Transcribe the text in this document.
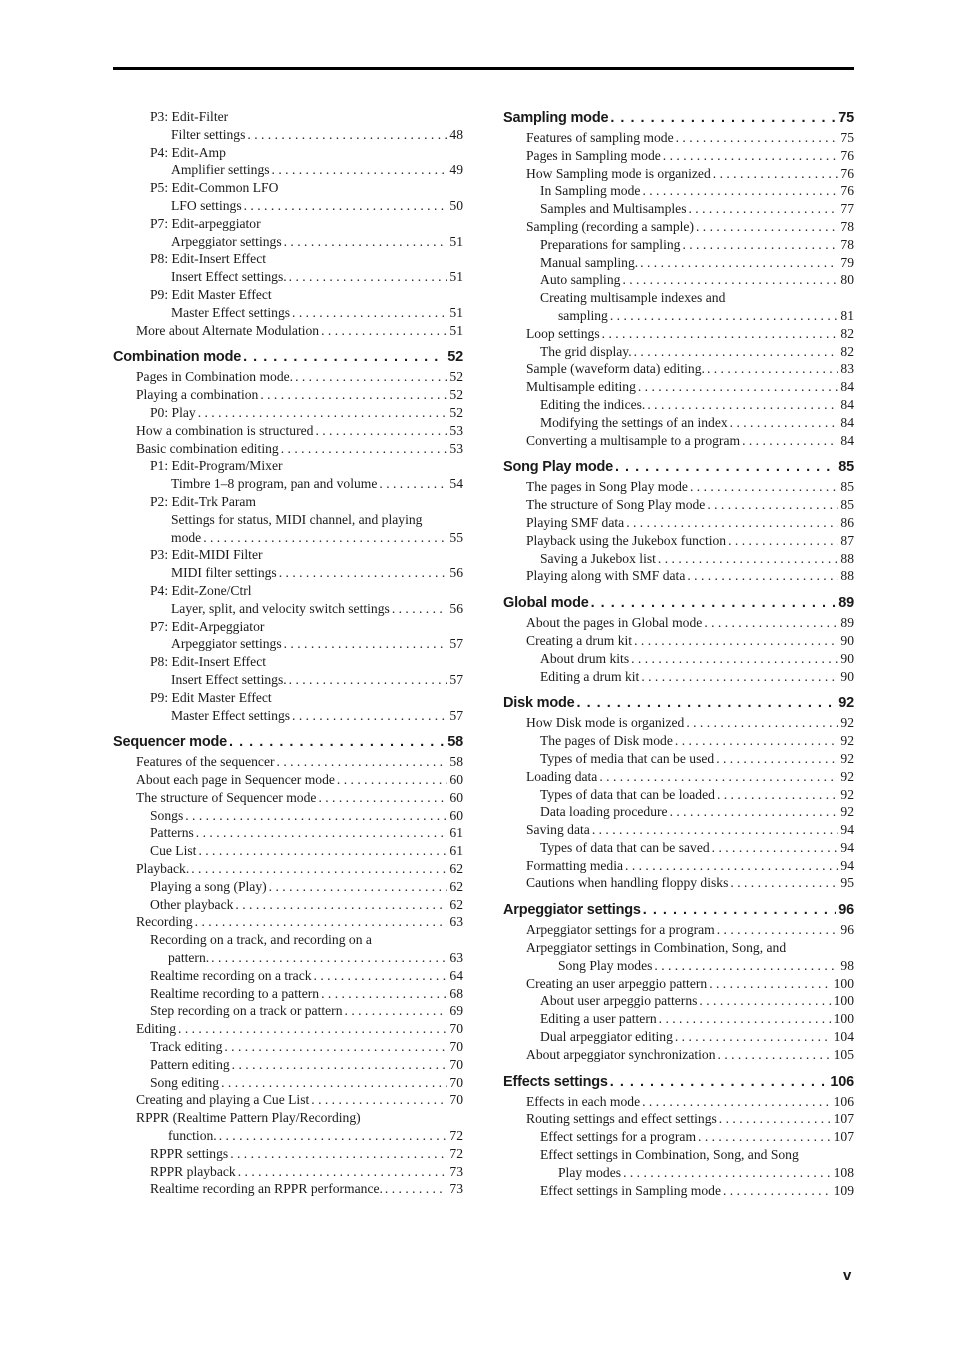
P3: Edit-Filter
Filter settings . . .	48
P4: Edit-Amp
Amplifier settings . . .	49
P5: Edit-Common LFO
LFO settings . . .	50
P7: Edit-arpeggiator
Arpeggiator settings . . .	51
P8: Edit-Insert Effect
Insert Effect settings. . . .	51
P9: Edit Master Effect
Master Effect settings . . .	51
More about Alternate Modulation . . .	51
Combination mode . . .	52
Pages in Combination mode. . . .	52
Playing a combination . . .	52
P0: Play . . .	52
How a combination is structured . . .	53
Basic combination editing . . .	53
P1: Edit-Program/Mixer
Timbre 1–8 program, pan and volume . . .	54
P2: Edit-Trk Param
Settings for status, MIDI channel, and playing
mode . . .	55
P3: Edit-MIDI Filter
MIDI filter settings . . .	56
P4: Edit-Zone/Ctrl
Layer, split, and velocity switch settings . . .	56
P7: Edit-Arpeggiator
Arpeggiator settings . . .	57
P8: Edit-Insert Effect
Insert Effect settings. . . .	57
P9: Edit Master Effect
Master Effect settings . . .	57
Sequencer mode . . .	58
Features of the sequencer . . .	58
About each page in Sequencer mode . . .	60
The structure of Sequencer mode . . .	60
Songs . . .	60
Patterns . . .	61
Cue List . . .	61
Playback. . . .	62
Playing a song (Play) . . .	62
Other playback . . .	62
Recording . . .	63
Recording on a track, and recording on a
pattern. . . .	63
Realtime recording on a track . . .	64
Realtime recording to a pattern . . .	68
Step recording on a track or pattern . . .	69
Editing . . .	70
Track editing . . .	70
Pattern editing . . .	70
Song editing . . .	70
Creating and playing a Cue List . . .	70
RPPR (Realtime Pattern Play/Recording)
function. . . .	72
RPPR settings . . .	72
RPPR playback . . .	73
Realtime recording an RPPR performance. . . .	73
Sampling mode . . .	75
Features of sampling mode . . .	75
Pages in Sampling mode . . .	76
How Sampling mode is organized . . .	76
In Sampling mode . . .	76
Samples and Multisamples . . .	77
Sampling (recording a sample) . . .	78
Preparations for sampling . . .	78
Manual sampling. . . .	79
Auto sampling . . .	80
Creating multisample indexes and
sampling . . .	81
Loop settings . . .	82
The grid display. . . .	82
Sample (waveform data) editing. . . .	83
Multisample editing . . .	84
Editing the indices. . . .	84
Modifying the settings of an index . . .	84
Converting a multisample to a program . . .	84
Song Play mode . . .	85
The pages in Song Play mode . . .	85
The structure of Song Play mode . . .	85
Playing SMF data . . .	86
Playback using the Jukebox function . . .	87
Saving a Jukebox list . . .	88
Playing along with SMF data . . .	88
Global mode . . .	89
About the pages in Global mode . . .	89
Creating a drum kit . . .	90
About drum kits . . .	90
Editing a drum kit . . .	90
Disk mode . . .	92
How Disk mode is organized . . .	92
The pages of Disk mode . . .	92
Types of media that can be used . . .	92
Loading data . . .	92
Types of data that can be loaded . . .	92
Data loading procedure . . .	92
Saving data . . .	94
Types of data that can be saved . . .	94
Formatting media . . .	94
Cautions when handling floppy disks . . .	95
Arpeggiator settings . . .	96
Arpeggiator settings for a program . . .	96
Arpeggiator settings in Combination, Song, and
Song Play modes . . .	98
Creating an user arpeggio pattern . . .	100
About user arpeggio patterns . . .	100
Editing a user pattern . . .	100
Dual arpeggiator editing . . .	104
About arpeggiator synchronization . . .	105
Effects settings . . .	106
Effects in each mode . . .	106
Routing settings and effect settings . . .	107
Effect settings for a program . . .	107
Effect settings in Combination, Song, and Song
Play modes . . .	108
Effect settings in Sampling mode . . .	109
v
